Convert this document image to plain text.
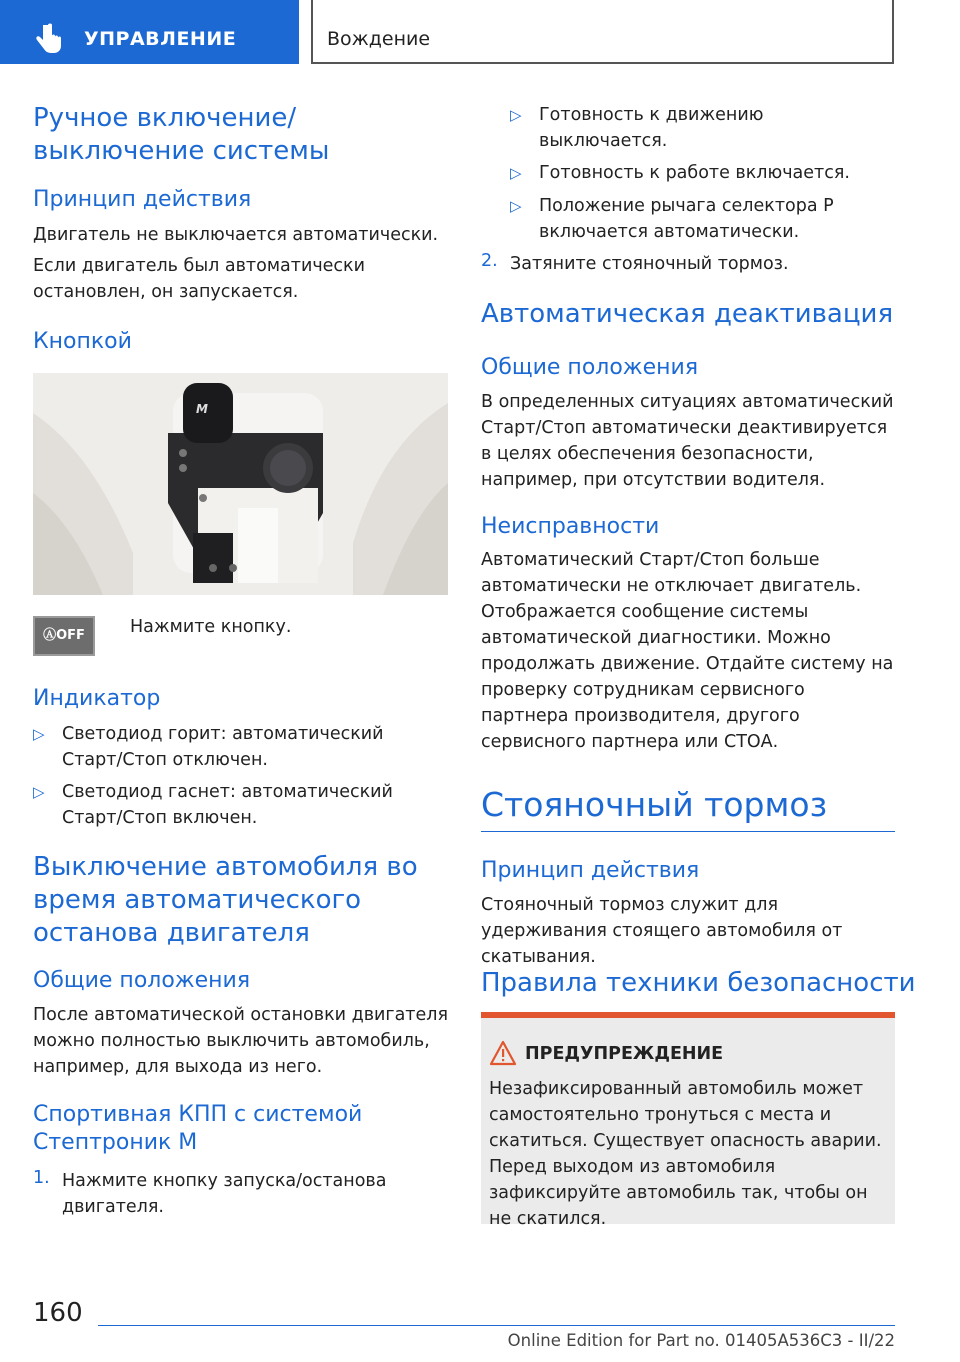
УПРАВЛЕНИЕ	Вождение
Ручное включение/выключение системы
Принцип действия

Двигатель не выключается автоматически.

Если двигатель был автоматически остановлен, он запускается.

Кнопкой
M
ⒶOFF	Нажмите кнопку.
Индикатор
▷ Светодиод горит: автоматический Старт/Стоп отключен.
▷ Светодиод гаснет: автоматический Старт/Стоп включен.
Выключение автомобиля во время автоматического останова двигателя
Общие положения

После автоматической остановки двигателя можно полностью выключить автомобиль, например, для выхода из него.

Спортивная КПП с системой Стептроник M
1. Нажмите кнопку запуска/останова двигателя.
▷ Готовность к движению выключается.
▷ Готовность к работе включается.
▷ Положение рычага селектора P включается автоматически.
2. Затяните стояночный тормоз.
Автоматическая деактивация
Общие положения

В определенных ситуациях автоматический Старт/Стоп автоматически деактивируется в целях обеспечения безопасности, например, при отсутствии водителя.

Неисправности

Автоматический Старт/Стоп больше автоматически не отключает двигатель. Отображается сообщение системы автоматической диагностики. Можно продолжать движение. Отдайте систему на проверку сотрудникам сервисного партнера производителя, другого сервисного партнера или СТОА.

Стояночный тормоз
Принцип действия

Стояночный тормоз служит для удерживания стоящего автомобиля от скатывания.

Правила техники безопасности
ПРЕДУПРЕЖДЕНИЕ
Незафиксированный автомобиль может самостоятельно тронуться с места и скатиться. Существует опасность аварии. Перед выходом из автомобиля зафиксируйте автомобиль так, чтобы он не скатился.
160
Online Edition for Part no. 01405A536C3 - II/22
